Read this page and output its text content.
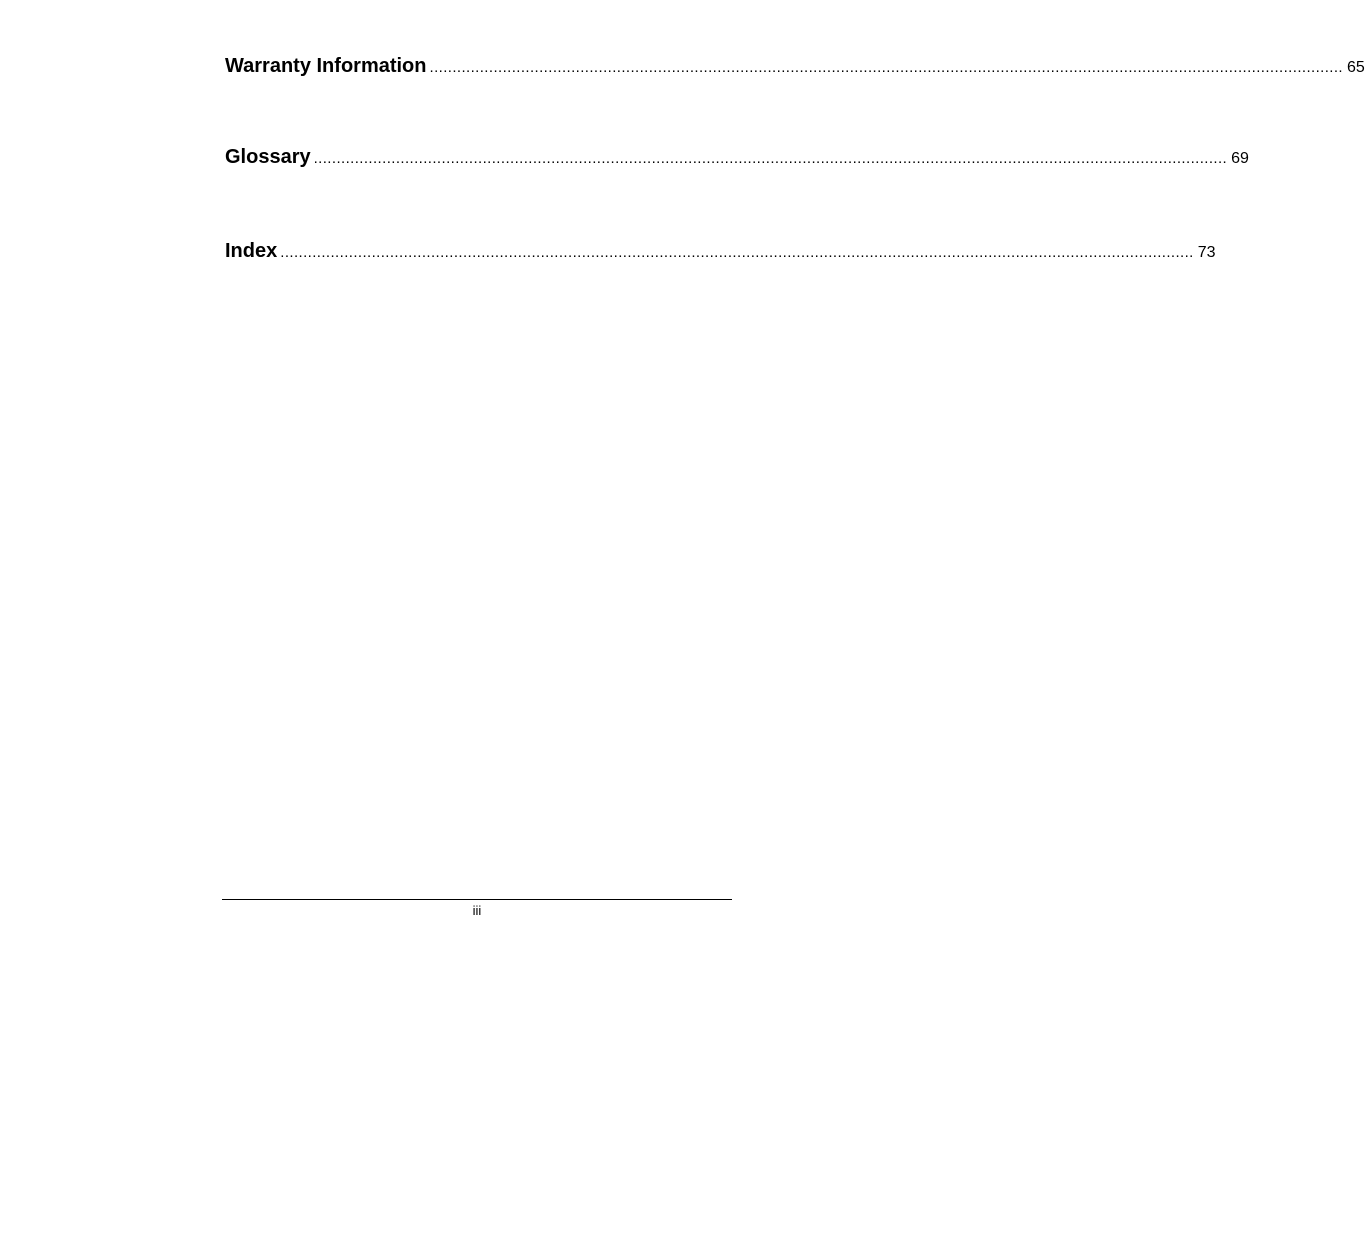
Warranty Information ........................................................................................................................................................................................................ 65
Glossary ........................................................................................................................................................................................................ 69
Index ........................................................................................................................................................................................................ 73
iii
